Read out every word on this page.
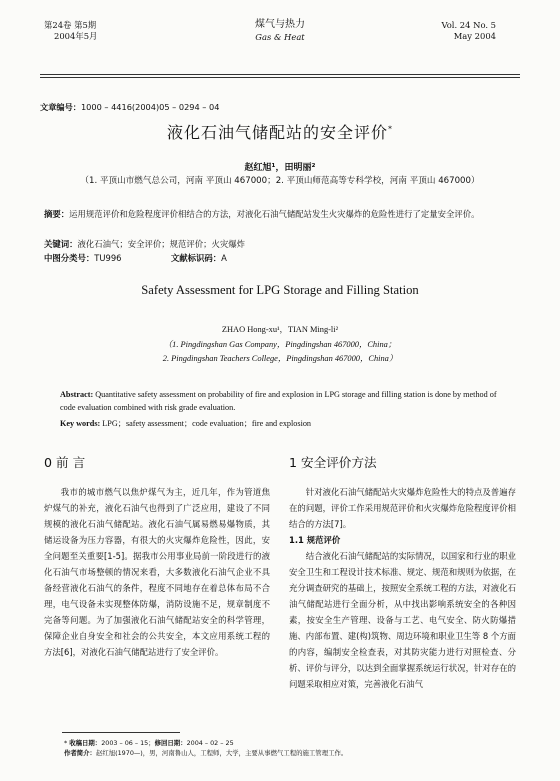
第24卷 第5期
2004年5月
煤气与热力
Gas & Heat
Vol. 24 No. 5
May 2004
文章编号：1000 – 4416(2004)05 – 0294 – 04
液化石油气储配站的安全评价*
赵红旭¹，田明丽²
（1. 平顶山市燃气总公司，河南 平顶山 467000；2. 平顶山师范高等专科学校，河南 平顶山 467000）
摘要：运用规范评价和危险程度评价相结合的方法，对液化石油气储配站发生火灾爆炸的危险性进行了定量安全评价。
关键词：液化石油气；安全评价；规范评价；火灾爆炸
中图分类号：TU996	文献标识码：A
Safety Assessment for LPG Storage and Filling Station
ZHAO Hong-xu¹，TIAN Ming-li²
（1. Pingdingshan Gas Company，Pingdingshan 467000，China；
2. Pingdingshan Teachers College，Pingdingshan 467000，China）
Abstract: Quantitative safety assessment on probability of fire and explosion in LPG storage and filling station is done by method of code evaluation combined with risk grade evaluation.
Key words: LPG；safety assessment；code evaluation；fire and explosion
0 前 言

我市的城市燃气以焦炉煤气为主，近几年，作为管道焦炉煤气的补充，液化石油气也得到了广泛应用，建设了不同规模的液化石油气储配站。液化石油气属易燃易爆物质，其储运设备为压力容器，有很大的火灾爆炸危险性，因此，安全问题至关重要[1-5]。据我市公用事业局前一阶段进行的液化石油气市场整顿的情况来看，大多数液化石油气企业不具备经营液化石油气的条件，程度不同地存在着总体布局不合理，电气设备未实现整体防爆，消防设施不足，规章制度不完备等问题。为了加强液化石油气储配站安全的科学管理，保障企业自身安全和社会的公共安全，本文应用系统工程的方法[6]，对液化石油气储配站进行了安全评价。

1 安全评价方法

针对液化石油气储配站火灾爆炸危险性大的特点及普遍存在的问题，评价工作采用规范评价和火灾爆炸危险程度评价相结合的方法[7]。

1.1 规范评价

结合液化石油气储配站的实际情况，以国家和行业的职业安全卫生和工程设计技术标准、规定、规范和规则为依据，在充分调查研究的基础上，按照安全系统工程的方法，对液化石油气储配站进行全面分析，从中找出影响系统安全的各种因素，按安全生产管理、设备与工艺、电气安全、防火防爆措施、内部布置、建(构)筑物、周边环境和职业卫生等 8 个方面的内容，编制安全检查表，对其防灾能力进行对照检查、分析、评价与评分，以达到全面掌握系统运行状况，针对存在的问题采取相应对策，完善液化石油气

* 收稿日期：2003 – 06 – 15；修回日期：2004 – 02 – 25
作者简介：赵红旭(1970—)，男，河南鲁山人，工程师，大学，主要从事燃气工程的施工管理工作。
